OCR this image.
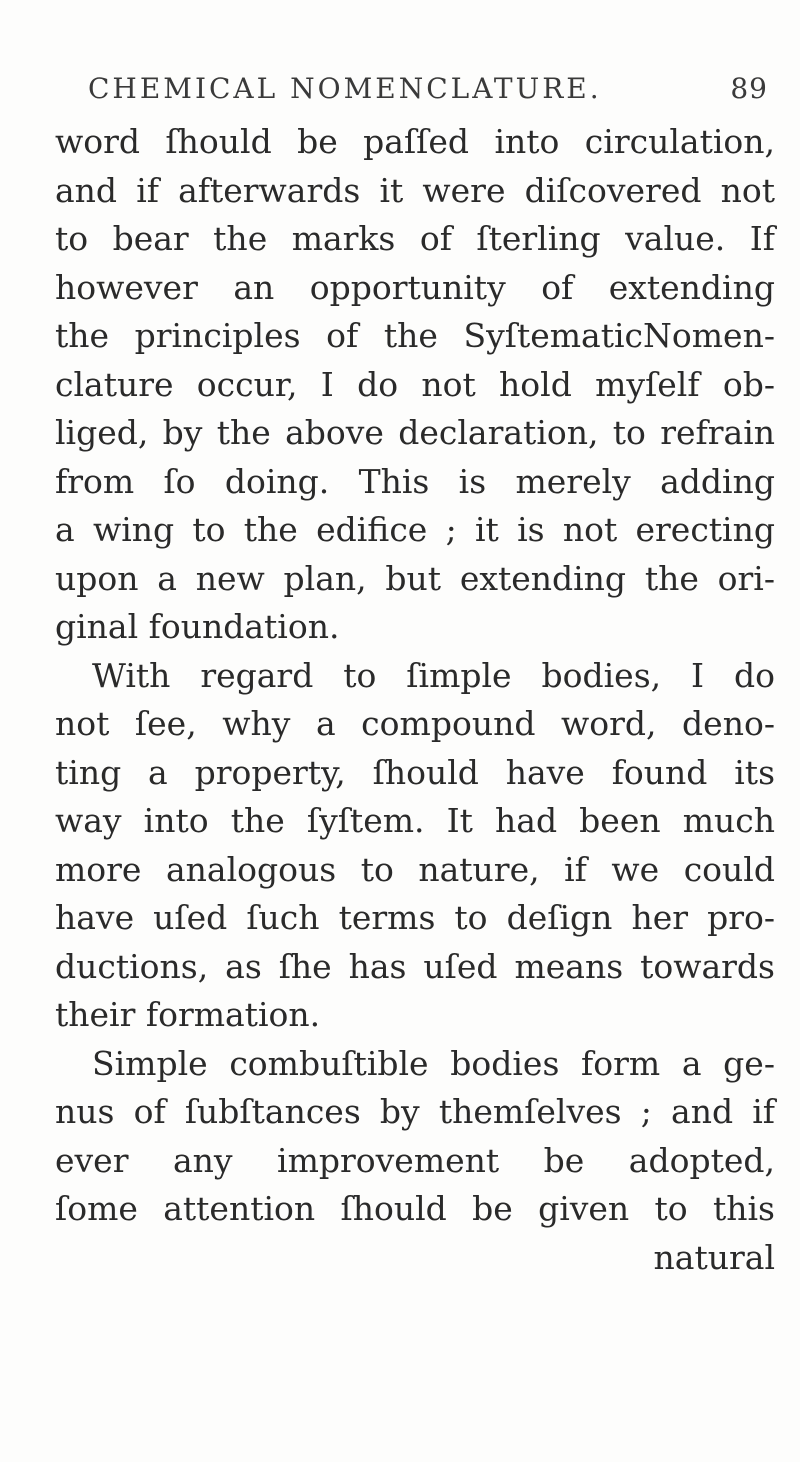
CHEMICAL NOMENCLATURE.	89
word ſhould be paſſed into circulation,
and if afterwards it were diſcovered not
to bear the marks of ſterling value. If
however an opportunity of extending
the principles of the SyſtematicNomen-
clature occur, I do not hold myſelf ob-
liged, by the above declaration, to refrain
from ſo doing. This is merely adding
a wing to the edifice ; it is not erecting
upon a new plan, but extending the ori-
ginal foundation.
With regard to ſimple bodies, I do
not ſee, why a compound word, deno-
ting a property, ſhould have found its
way into the ſyſtem. It had been much
more analogous to nature, if we could
have uſed ſuch terms to deſign her pro-
ductions, as ſhe has uſed means towards
their formation.
Simple combuſtible bodies form a ge-
nus of ſubſtances by themſelves ; and if
ever any improvement be adopted,
ſome attention ſhould be given to this
natural
